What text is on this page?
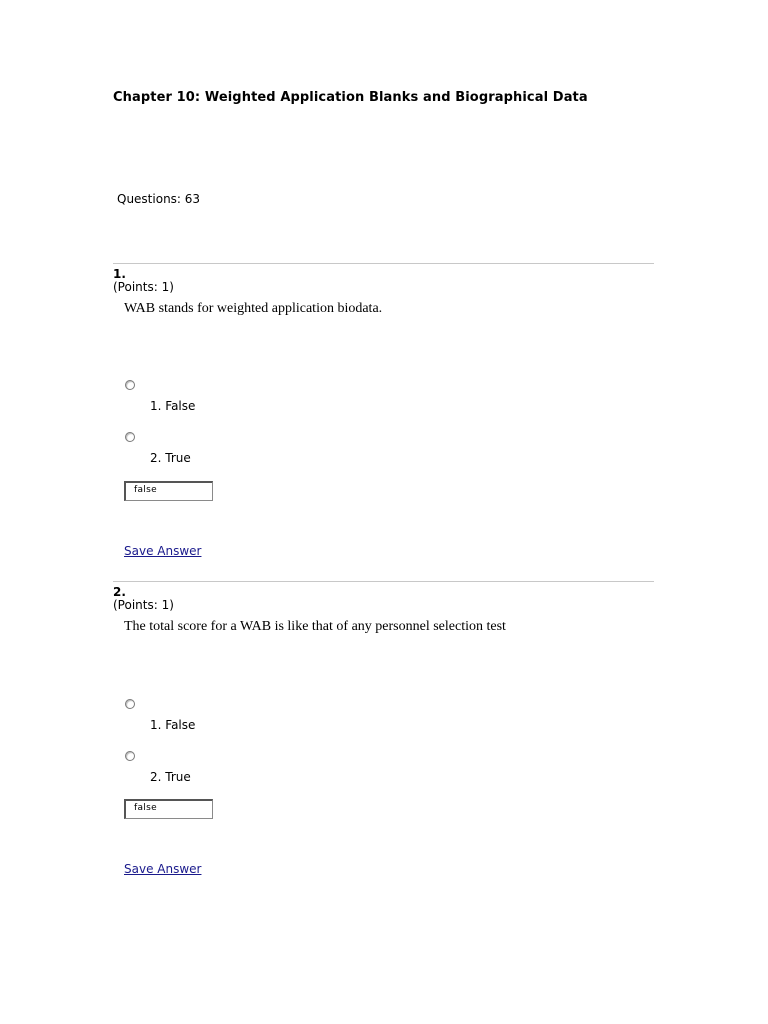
Chapter 10: Weighted Application Blanks and Biographical Data
Questions: 63
1.
(Points: 1)
WAB stands for weighted application biodata.
1. False
2. True
false
Save Answer
2.
(Points: 1)
The total score for a WAB is like that of any personnel selection test
1. False
2. True
false
Save Answer
